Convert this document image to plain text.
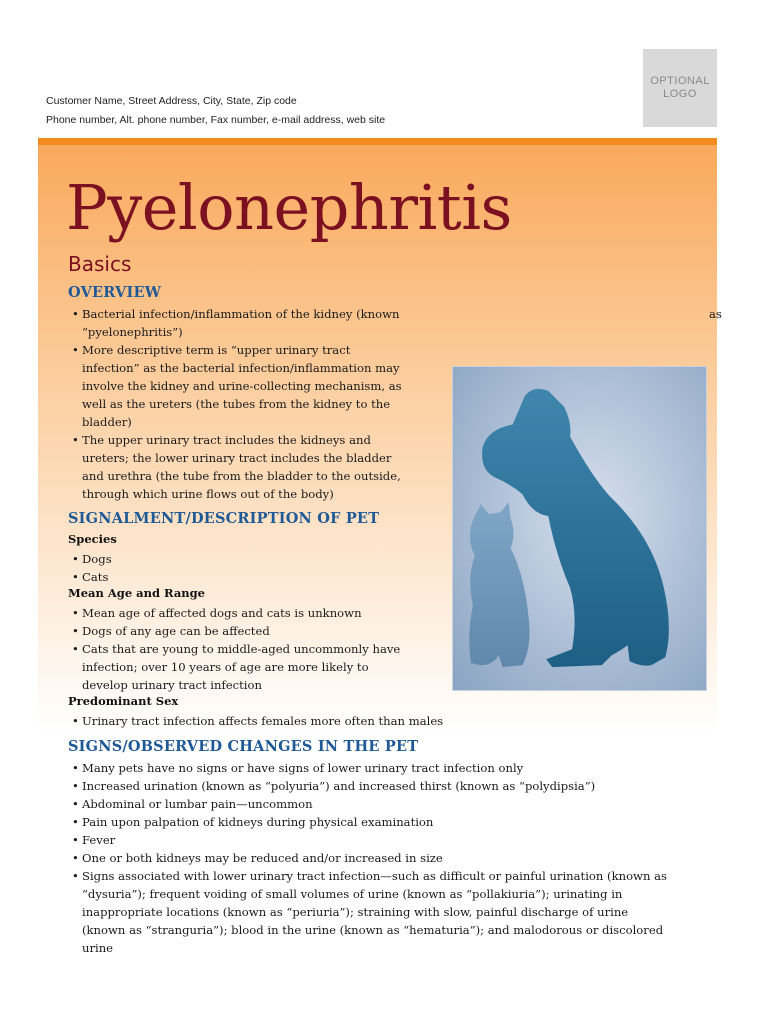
Customer Name, Street Address, City, State, Zip code
Phone number, Alt. phone number, Fax number, e-mail address, web site
OPTIONAL
LOGO
Pyelonephritis
Basics
OVERVIEW
• Bacterial infection/inflammation of the kidney (known
“pyelonephritis”)
• More descriptive term is “upper urinary tract
infection” as the bacterial infection/inflammation may
involve the kidney and urine-collecting mechanism, as
well as the ureters (the tubes from the kidney to the
bladder)
• The upper urinary tract includes the kidneys and
ureters; the lower urinary tract includes the bladder
and urethra (the tube from the bladder to the outside,
through which urine flows out of the body)
as
SIGNALMENT/DESCRIPTION OF PET
Species
• Dogs
• Cats
Mean Age and Range
• Mean age of affected dogs and cats is unknown
• Dogs of any age can be affected
• Cats that are young to middle-aged uncommonly have
infection; over 10 years of age are more likely to
develop urinary tract infection
Predominant Sex
• Urinary tract infection affects females more often than males
SIGNS/OBSERVED CHANGES IN THE PET
• Many pets have no signs or have signs of lower urinary tract infection only
• Increased urination (known as “polyuria”) and increased thirst (known as “polydipsia”)
• Abdominal or lumbar pain—uncommon
• Pain upon palpation of kidneys during physical examination
• Fever
• One or both kidneys may be reduced and/or increased in size
• Signs associated with lower urinary tract infection—such as difficult or painful urination (known as
“dysuria”); frequent voiding of small volumes of urine (known as “pollakiuria”); urinating in
inappropriate locations (known as “periuria”); straining with slow, painful discharge of urine
(known as “stranguria”); blood in the urine (known as “hematuria”); and malodorous or discolored
urine
